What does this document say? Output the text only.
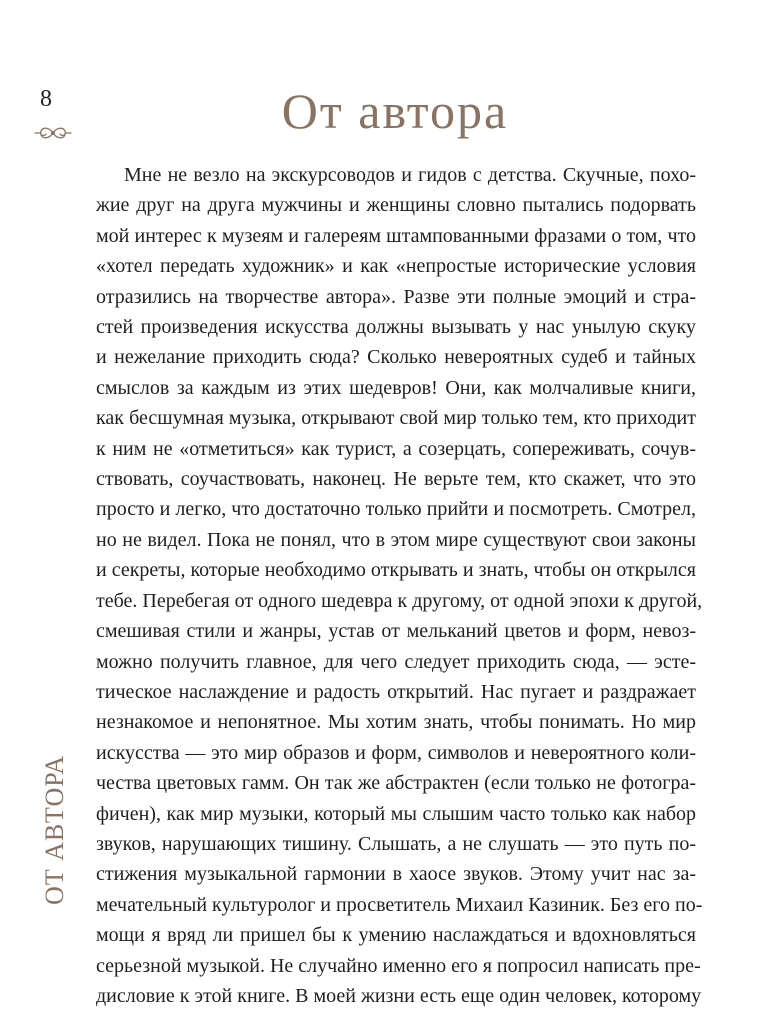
8	От автора
Мне не везло на экскурсоводов и гидов с детства. Скучные, похо-
жие друг на друга мужчины и женщины словно пытались подорвать
мой интерес к музеям и галереям штампованными фразами о том, что
«хотел передать художник» и как «непростые исторические условия
отразились на творчестве автора». Разве эти полные эмоций и стра-
стей произведения искусства должны вызывать у нас унылую скуку
и нежелание приходить сюда? Сколько невероятных судеб и тайных
смыслов за каждым из этих шедевров! Они, как молчаливые книги,
как бесшумная музыка, открывают свой мир только тем, кто приходит
к ним не «отметиться» как турист, а созерцать, сопереживать, сочув-
ствовать, соучаствовать, наконец. Не верьте тем, кто скажет, что это
просто и легко, что достаточно только прийти и посмотреть. Смотрел,
но не видел. Пока не понял, что в этом мире существуют свои законы
и секреты, которые необходимо открывать и знать, чтобы он открылся
тебе. Перебегая от одного шедевра к другому, от одной эпохи к другой,
смешивая стили и жанры, устав от мельканий цветов и форм, невоз-
можно получить главное, для чего следует приходить сюда, — эсте-
тическое наслаждение и радость открытий. Нас пугает и раздражает
незнакомое и непонятное. Мы хотим знать, чтобы понимать. Но мир
искусства — это мир образов и форм, символов и невероятного коли-
чества цветовых гамм. Он так же абстрактен (если только не фотогра-
фичен), как мир музыки, который мы слышим часто только как набор
звуков, нарушающих тишину. Слышать, а не слушать — это путь по-
стижения музыкальной гармонии в хаосе звуков. Этому учит нас за-
мечательный культуролог и просветитель Михаил Казиник. Без его по-
мощи я вряд ли пришел бы к умению наслаждаться и вдохновляться
серьезной музыкой. Не случайно именно его я попросил написать пре-
дисловие к этой книге. В моей жизни есть еще один человек, которому
ОТ АВТОРА
